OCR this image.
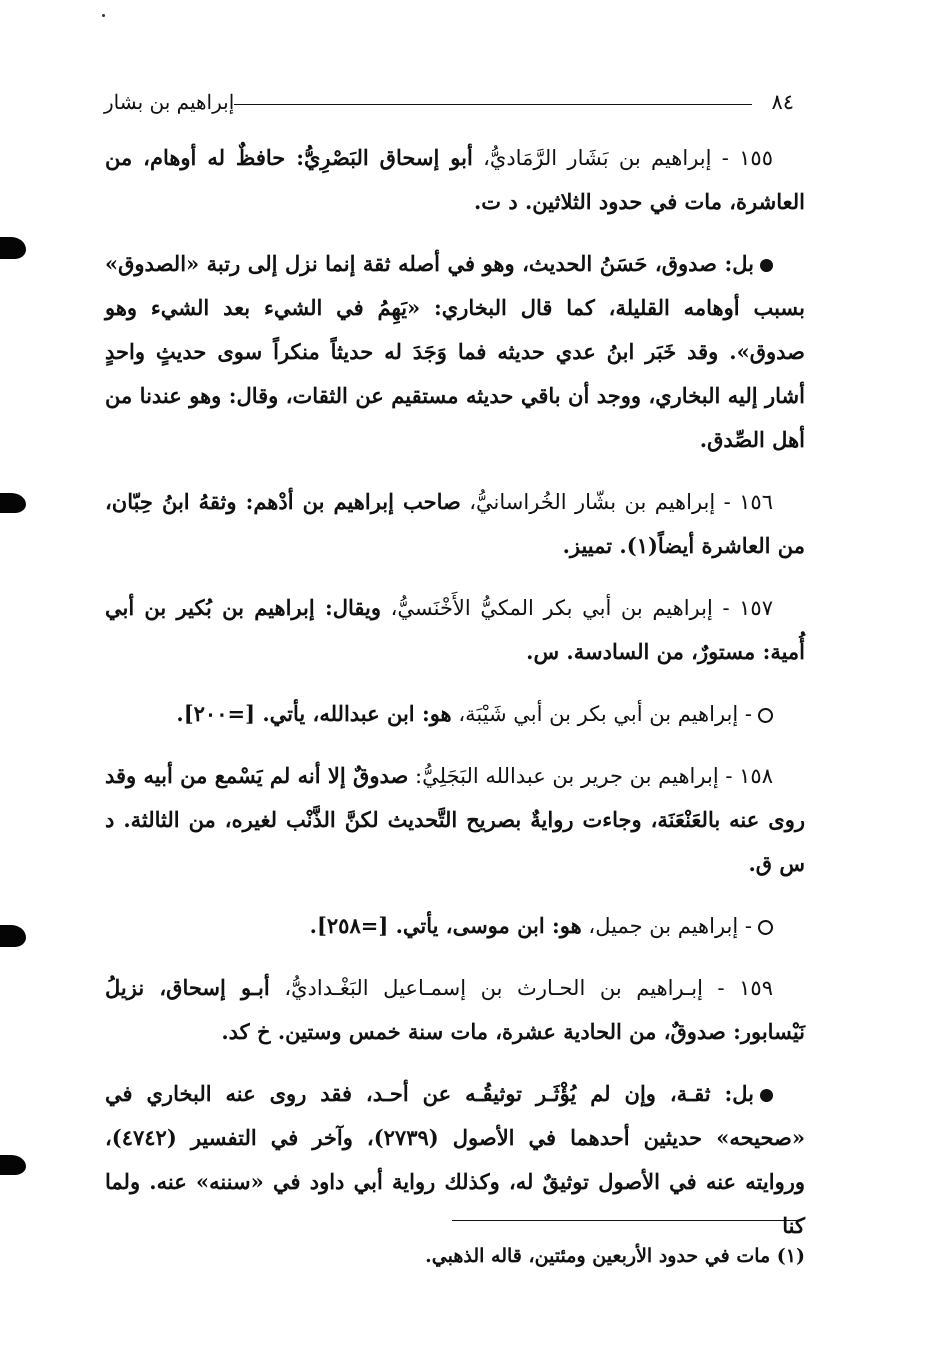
٨٤
إبراهيم بن بشار

١٥٥ - إبراهيم بن بَشَار الرَّمَاديُّ، أبو إسحاق البَصْرِيُّ: حافظٌ له أوهام، من العاشرة، مات في حدود الثلاثين. د ت.

بل: صدوق، حَسَنُ الحديث، وهو في أصله ثقة إنما نزل إلى رتبة «الصدوق» بسبب أوهامه القليلة، كما قال البخاري: «يَهِمُ في الشيء بعد الشيء وهو صدوق». وقد خَبَر ابنُ عدي حديثه فما وَجَدَ له حديثاً منكراً سوى حديثٍ واحدٍ أشار إليه البخاري، ووجد أن باقي حديثه مستقيم عن الثقات، وقال: وهو عندنا من أهل الصِّدق.

١٥٦ - إبراهيم بن بشّار الخُراسانيُّ، صاحب إبراهيم بن أدْهم: وثقهُ ابنُ حِبّان، من العاشرة أيضاً(١). تمييز.

١٥٧ - إبراهيم بن أبي بكر المكيُّ الأَخْنَسيُّ، ويقال: إبراهيم بن بُكير بن أبي أُمية: مستورٌ، من السادسة. س.

- إبراهيم بن أبي بكر بن أبي شَيْبَة، هو: ابن عبدالله، يأتي. [=٢٠٠].

١٥٨ - إبراهيم بن جرير بن عبدالله البَجَلِيُّ: صدوقٌ إلا أنه لم يَسْمع من أبيه وقد روى عنه بالعَنْعَنَة، وجاءت روايةٌ بصريح التَّحديث لكنَّ الذَّنْب لغيره، من الثالثة. د س ق.

- إبراهيم بن جميل، هو: ابن موسى، يأتي. [=٢٥٨].

١٥٩ - إبـراهيم بن الحـارث بن إسمـاعيل البَغْـداديُّ، أبـو إسحاق، نزيلُ نَيْسابور: صدوقٌ، من الحادية عشرة، مات سنة خمس وستين. خ كد.

بل: ثقـة، وإن لم يُؤْثَـر توثيقُـه عن أحـد، فقد روى عنه البخاري في «صحيحه» حديثين أحدهما في الأصول (٢٧٣٩)، وآخر في التفسير (٤٧٤٢)، وروايته عنه في الأصول توثيقٌ له، وكذلك رواية أبي داود في «سننه» عنه. ولما كنا

(١) مات في حدود الأربعين ومئتين، قاله الذهبي.
